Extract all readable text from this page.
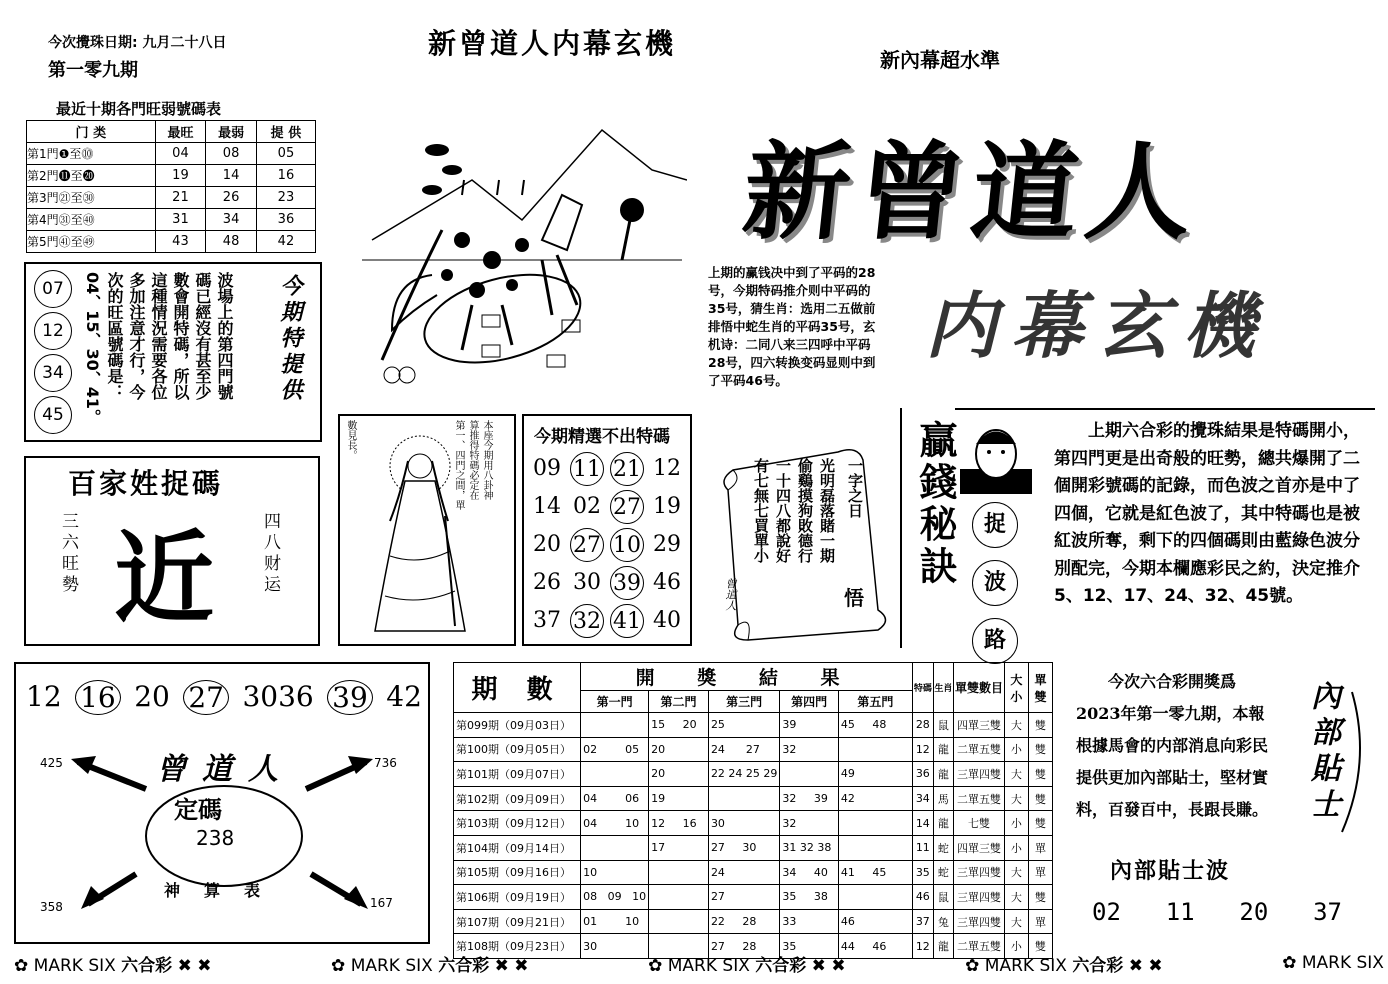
今次攪珠日期: 九月二十八日
第一零九期
新曾道人内幕玄機	新內幕超水準
新曾道人
内幕玄機
最近十期各門旺弱號碼表
门 类	最旺	最弱	提 供
第1門❶至⓾	04	08	05
第2門⓫至⓴	19	14	16
第3門㉑至㉚	21	26	23
第4門㉛至㊵	31	34	36
第5門㊶至㊾	43	48	42
07
12
34
45
波場上的第四門號
碼已經沒有甚至少
數會開特碼，所以
這種情況需要各位
多加注意才行，今
次的旺區號碼是：
04、15、30、41。	今期特提供
百家姓捉碼
三六旺勢 近	四八财运
上期的赢钱决中到了平码的28号，今期特码推介则中平码的35号，猜生肖：选用二五做前排悟中蛇生肖的平码35号，玄机诗：二同八来三四呼中平码28号，四六转换变码显则中到了平码46号。
數見長。	本座今期用八卦神
算推得特碼必定在
第一、四門之間，單	今期精選不出特碼
09 11 21 12
14 02 27 19
20 27 10 29
26 30 39 46
37 32 41 40
一字之日
光明磊落賭一期
偷鷄摸狗敗德行
一十四八都說好
有七無七買單小
悟
曾道人
贏錢秘訣	捉
波
路
上期六合彩的攪珠結果是特碼開小，第四門更是出奇般的旺勢，總共爆開了二個開彩號碼的記錄，而色波之首亦是中了四個，它就是紅色波了，其中特碼也是被紅波所奪，剩下的四個碼則由藍綠色波分別配完，今期本欄應彩民之約，決定推介5、12、17、24、32、45號。
12 16 20 27 3036 39 42
425	736
358	167
曾道人
定碼
238
神算表
期 數	開 獎 結 果					特碼	生肖	單雙數目	大小	單雙
	第一門	第二門	第三門	第四門	第五門					
第099期（09月03日）		15     20	25	39	45     48	28	鼠	四單三雙	大	雙
第100期（09月05日）	02        05	20	24      27	32		12	龍	二單五雙	小	雙
第101期（09月07日）		20	22 24 25 29		49	36	龍	三單四雙	大	雙
第102期（09月09日）	04        06	19		32     39	42	34	馬	二單五雙	大	雙
第103期（09月12日）	04        10	12     16	30	32		14	龍	七雙	小	雙
第104期（09月14日）		17	27     30	31 32 38		11	蛇	四單三雙	小	單
第105期（09月16日）	10		24	34     40	41     45	35	蛇	三單四雙	大	單
第106期（09月19日）	08   09   10		27	35     38		46	鼠	三單四雙	大	雙
第107期（09月21日）	01        10		22     28	33	46	37	兔	三單四雙	大	單
第108期（09月23日）	30		27     28	35	44     46	12	龍	二單五雙	小	雙
今次六合彩開獎爲2023年第一零九期，本報根據馬會的内部消息向彩民提供更加內部貼士，堅材實料，百發百中，長跟長賺。	內部貼士
內部貼士波
02 11 20 37
✿ MARK SIX 六合彩 ✖ ✖	✿ MARK SIX 六合彩 ✖ ✖	✿ MARK SIX 六合彩 ✖ ✖	✿ MARK SIX 六合彩 ✖ ✖	✿ MARK SIX
